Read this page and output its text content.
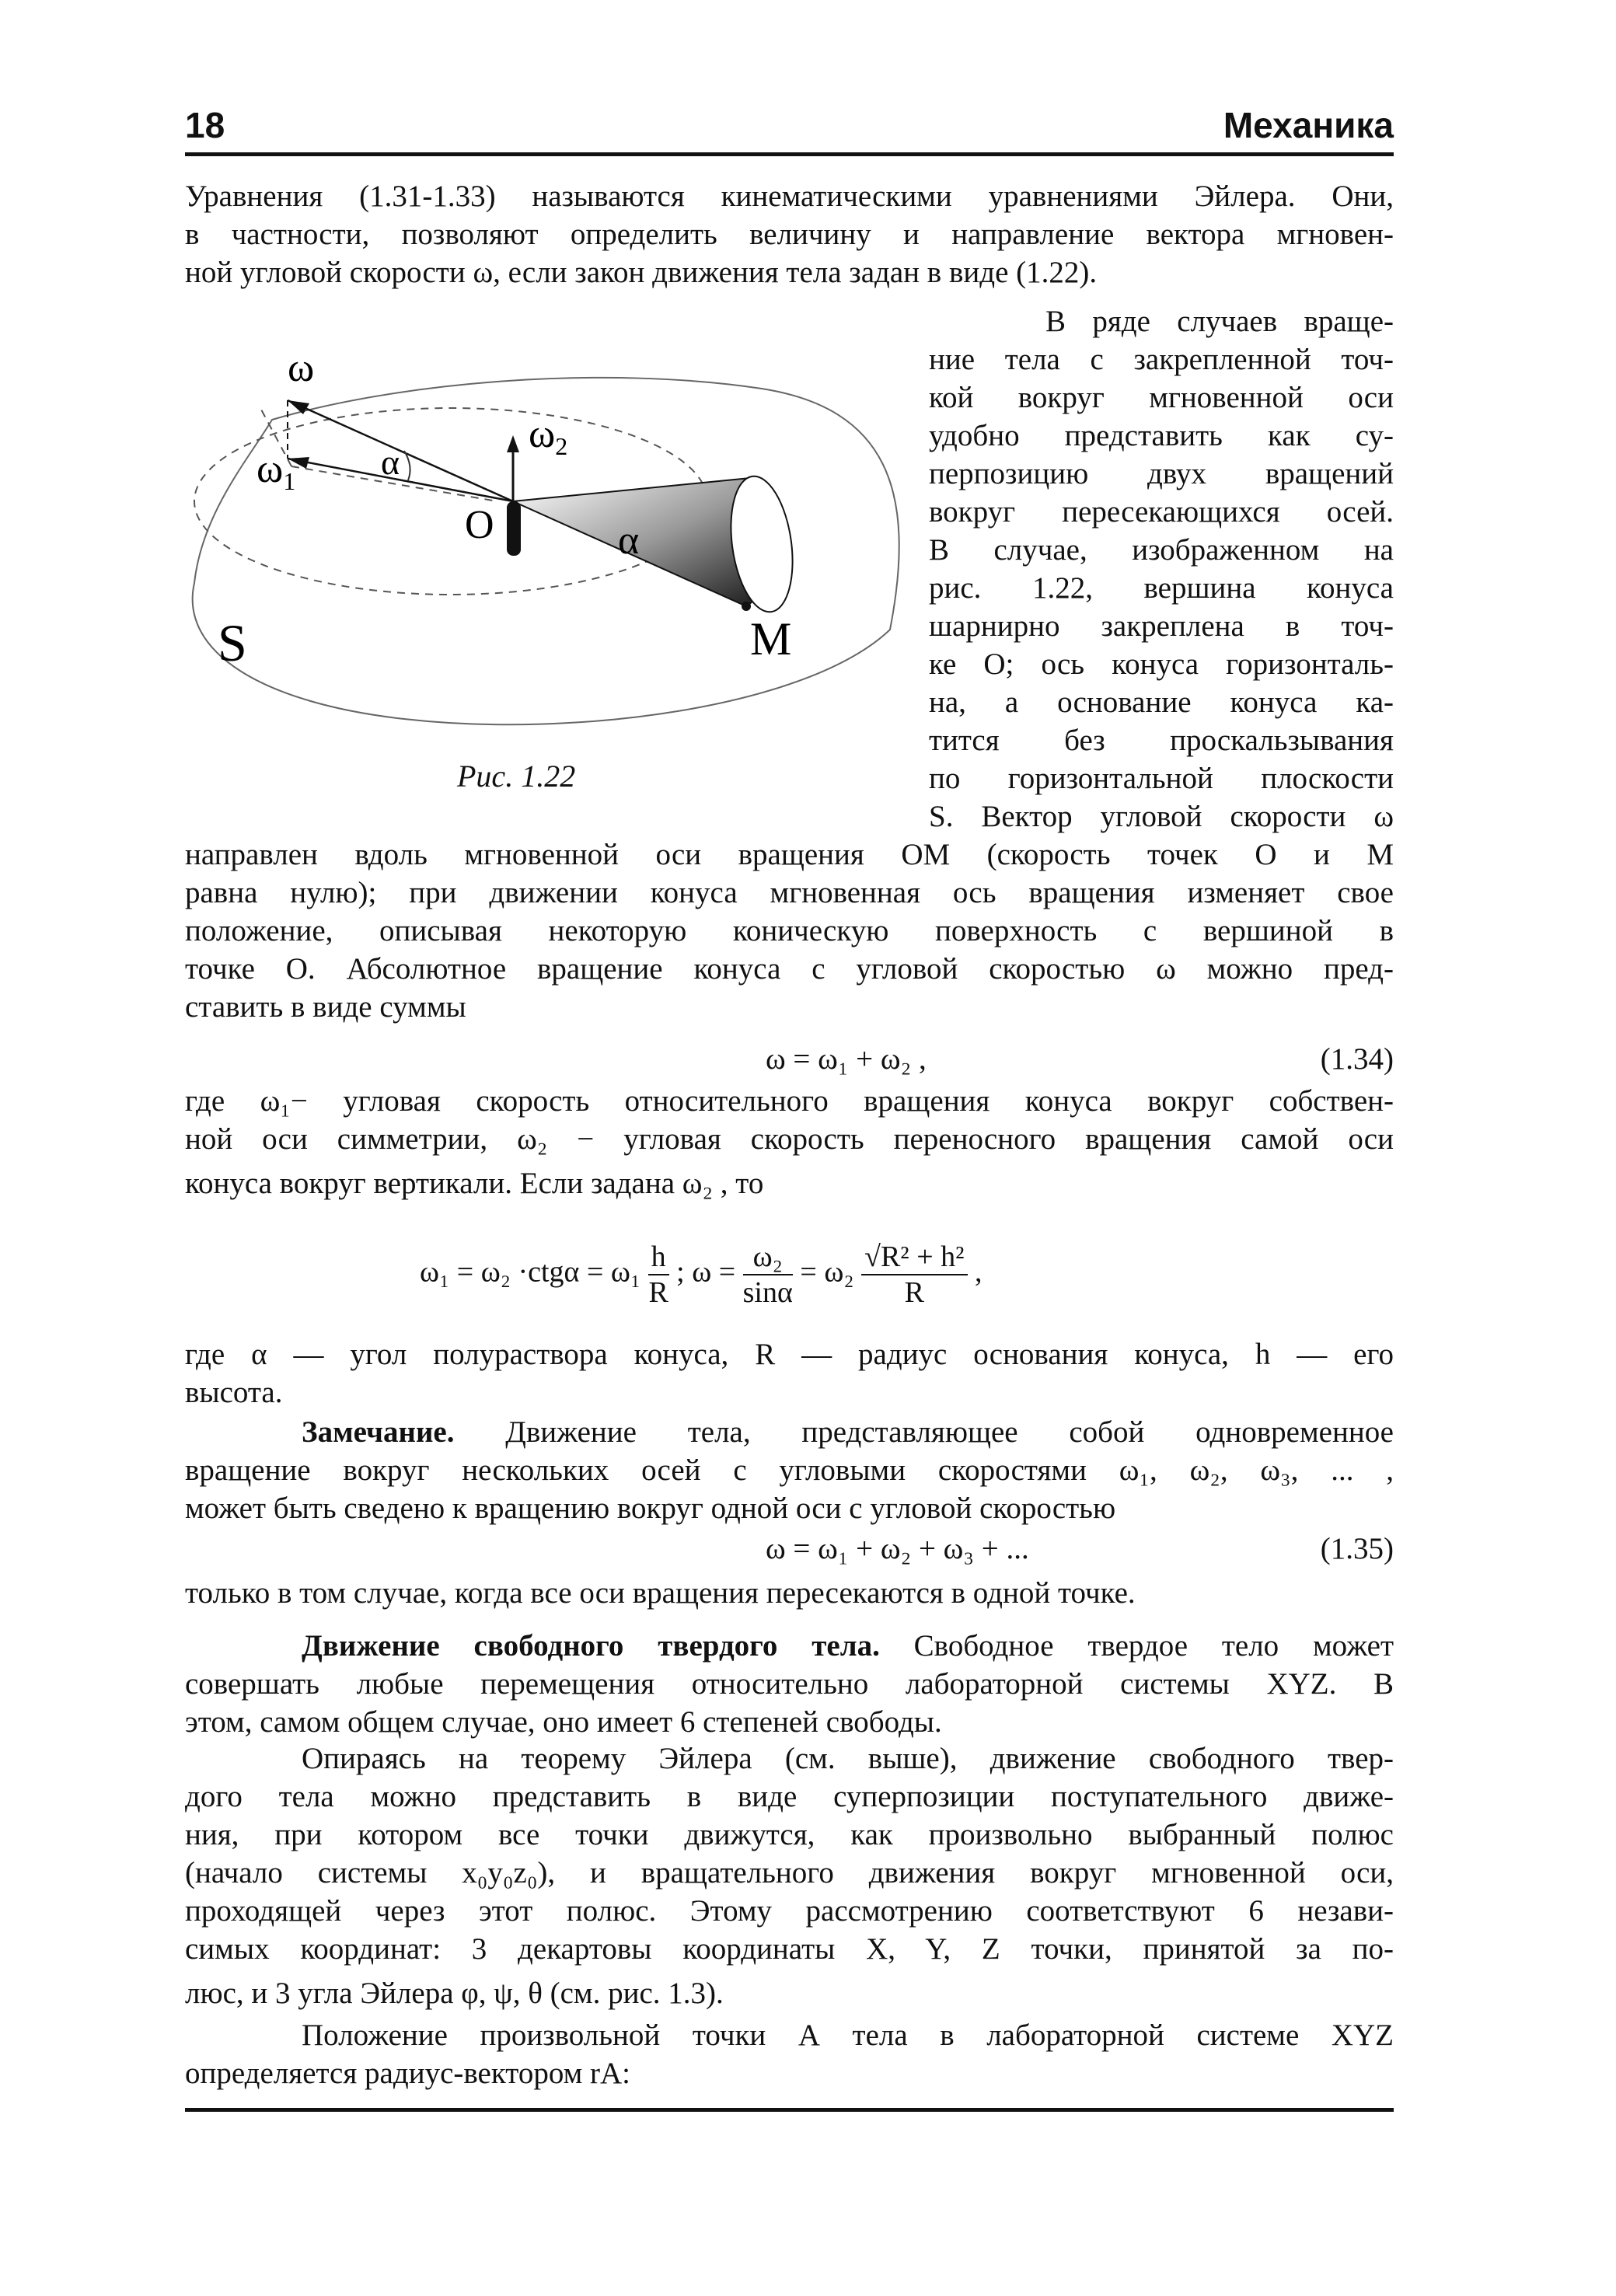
18	Механика
Уравнения (1.31-1.33) называются кинематическими уравнениями Эйлера. Они,
в частности, позволяют определить величину и направление вектора мгновен-
ной угловой скорости ω, если закон движения тела задан в виде (1.22).
В ряде случаев враще-
ние тела с закрепленной точ-
кой вокруг мгновенной оси
удобно представить как су-
перпозицию двух вращений
вокруг пересекающихся осей.
В случае, изображенном на
рис. 1.22, вершина конуса
шарнирно закреплена в точ-
ке О; ось конуса горизонталь-
на, а основание конуса ка-
тится без проскальзывания
по горизонтальной плоскости
S. Вектор угловой скорости ω
ω
ω1
ω2
α
α
O
S	M
Рис. 1.22
направлен вдоль мгновенной оси вращения ОМ (скорость точек О и М
равна нулю); при движении конуса мгновенная ось вращения изменяет свое
положение, описывая некоторую коническую поверхность с вершиной в
точке О. Абсолютное вращение конуса с угловой скоростью ω можно пред-
ставить в виде суммы
ω = ω₁ + ω₂ ,	(1.34)
где ω₁− угловая скорость относительного вращения конуса вокруг собствен-
ной оси симметрии, ω₂ − угловая скорость переносного вращения самой оси
конуса вокруг вертикали. Если задана ω₂ , то
$\omega_1 = \omega_2 \cdot ctg\alpha = \omega_1 \frac{h}{R}$ ; $\omega = \frac{\text{ω₂}}{\sin\alpha} = \omega_2 \frac{\text{√R² + h²}}{R}$ ,
где α — угол полураствора конуса, R — радиус основания конуса, h — его
высота.
Замечание. Движение тела, представляющее собой одновременное
вращение вокруг нескольких осей с угловыми скоростями ω₁, ω₂, ω₃, ... ,
может быть сведено к вращению вокруг одной оси с угловой скоростью
ω = ω₁ + ω₂ + ω₃ + ...	(1.35)
только в том случае, когда все оси вращения пересекаются в одной точке.
Движение свободного твердого тела. Свободное твердое тело может
совершать любые перемещения относительно лабораторной системы XYZ. В
этом, самом общем случае, оно имеет 6 степеней свободы.
Опираясь на теорему Эйлера (см. выше), движение свободного твер-
дого тела можно представить в виде суперпозиции поступательного движе-
ния, при котором все точки движутся, как произвольно выбранный полюс
(начало системы x₀y₀z₀), и вращательного движения вокруг мгновенной оси,
проходящей через этот полюс. Этому рассмотрению соответствуют 6 незави-
симых координат: 3 декартовы координаты X, Y, Z точки, принятой за по-
люс, и 3 угла Эйлера φ, ψ, θ (см. рис. 1.3).
Положение произвольной точки А тела в лабораторной системе XYZ
определяется радиус-вектором rA:
